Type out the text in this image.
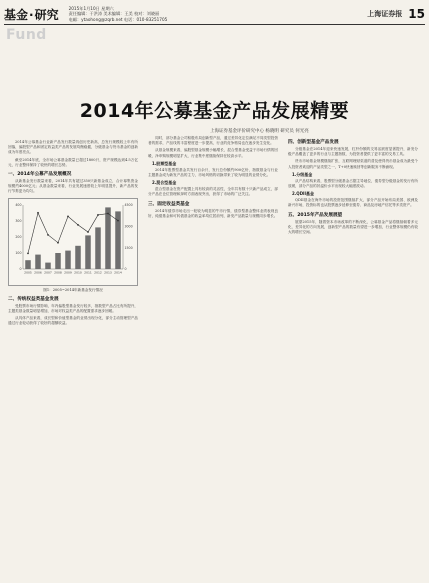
基金·研究 2015年1月10日 星期六
责任编辑：于洪涛 美术编辑：王美 校对：刘晓丽
电邮：ytaohong@zqrb.net 电话：010-83251705
上海证券报 15
Fund
2014年公募基金产品发展精要
上海证券基金评价研究中心 杨晓明 研究员 何光亮

2014年公募基金行业新产品发行数量再创历史新高，总发行规模较上年有所回落，偏股型产品和固定收益类产品的发展均衡稳健，分级基金与货币基金的创新成为年度亮点。

截至2014年底，全市场公募基金数量已超过1800只，资产规模达到4.5万亿元，行业整体保持了较快的增长态势。

一、2014年公募产品发展概况

从新基金发行数量来看，2014年共有超过350只新基金成立，合计募集资金规模约4000亿元；从基金数量来看，行业发展速度较上年明显提升，新产品的发行节奏更为均匀。

0
100
200
300
400
0
1500
3000
4500
2005 2006 2007 2008 2009 2010 2011 2012 2013 2014
图1：2005~2014年新基金发行情况
二、传统权益类基金发展

受股票市场行情影响，年内偏股型基金发行较多，指数型产品占比有所提升，主题类基金数量明显增加，市场对权益类产品的配置需求逐步回暖。

从具体产品来看，成长型和价值型基金的业绩出现分化，部分主动管理型产品通过行业轮动获得了较好的超额收益。

同时，部分基金公司积极布局创新型产品，通过差异化定位满足不同类型投资者的需求，产品线的丰富程度进一步提高，行业的竞争格局也在逐步发生变化。

从基金规模来看，偏股型基金规模小幅增长，混合型基金受益于市场行情的回暖，净申购规模明显扩大，行业集中度继续保持在较高水平。

1.股票型基金

2014年股票型基金共发行百余只，发行总份额约900亿份，指数基金与行业主题基金成为新发产品的主力，市场风格的切换带来了较为明显的业绩分化。

2.混合型基金

混合型基金在资产配置上具有较高的灵活性，全年共有数十只新产品成立，部分产品在仓位管理和择时方面表现突出，获得了市场的广泛关注。

三、固定收益类基金

2014年债券市场走出一轮较为明显的牛市行情，债券型基金整体业绩表现良好，纯债基金和可转债基金的收益率均位居前列，新发产品数量与规模同步增长。

四、创新型基金产品发展

分级基金在2014年迎来快速发展，杠杆份额的交易活跃度显著提升，新发分级产品覆盖了更多的行业与主题指数，为投资者提供了更丰富的交易工具。

货币市场基金规模继续扩张，互联网理财渠道的普及使得货币基金成为最受个人投资者欢迎的产品类型之一，T+0快速赎回等创新服务不断涌现。

1.分级基金

从产品结构来看，股票型分级基金占据主导地位，债券型分级基金的发行有所放缓，部分产品的折溢价水平出现较大幅度波动。

2.QDII基金

QDII基金在海外市场的投资范围继续扩大，部分产品开始布局美国、欧洲及新兴市场，投资标的也从股票逐步延伸至债券、商品及房地产信托等多类资产。

五、2015年产品发展展望

展望2015年，随着资本市场改革的不断深化，公募基金产品将继续朝着多元化、差异化的方向发展，创新型产品的数量有望进一步增加，行业整体规模仍有较大的增长空间。
